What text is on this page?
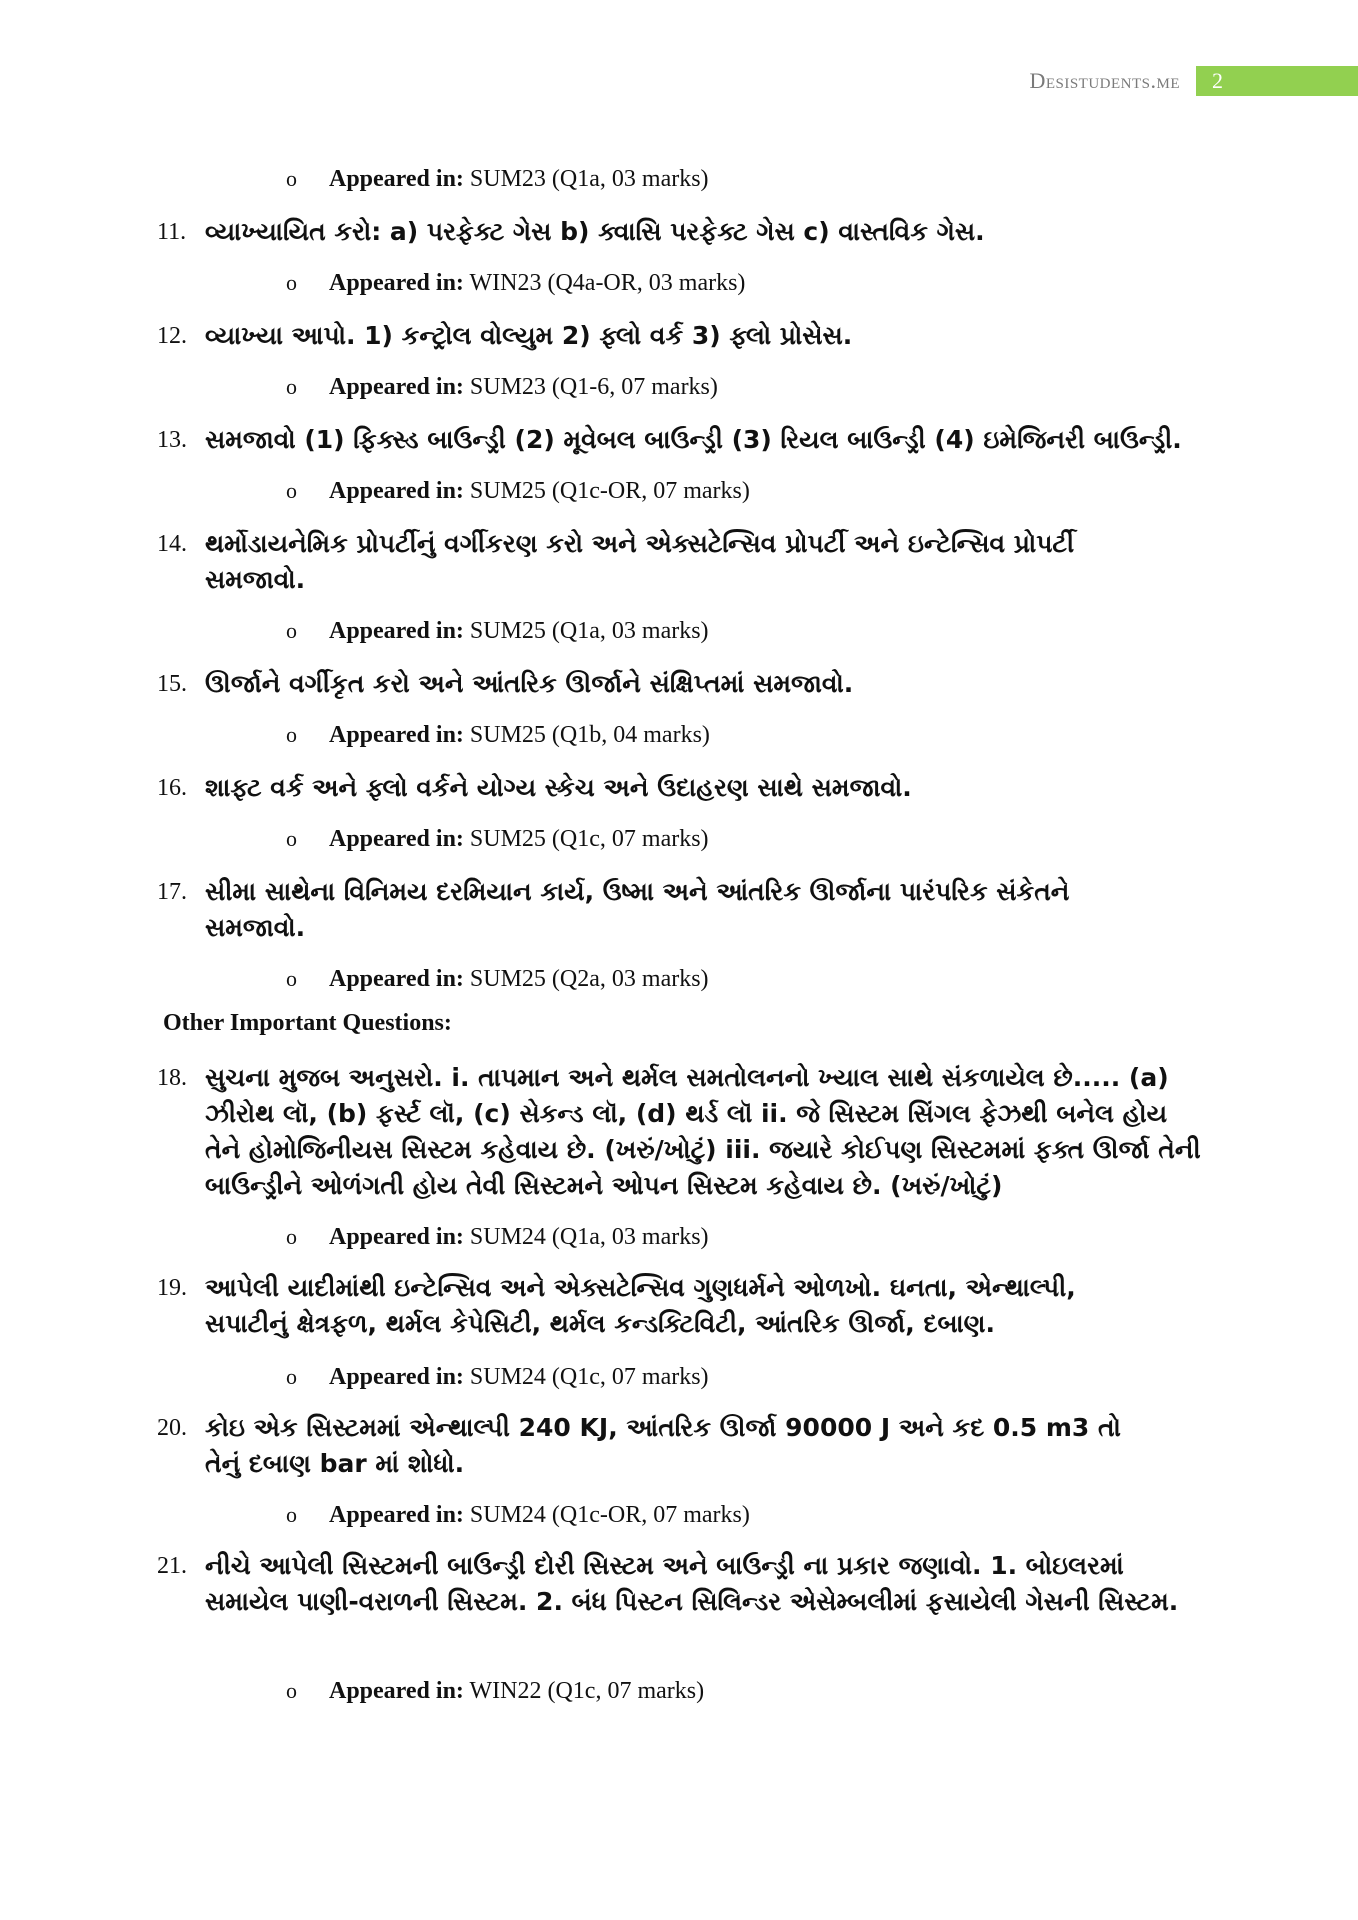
Desistudents.me	2
o Appeared in: SUM23 (Q1a, 03 marks)
11. વ્યાખ્યાયિત કરો: a) પરફેક્ટ ગેસ b) ક્વાસિ પરફેક્ટ ગેસ c) વાસ્તવિક ગેસ.
o Appeared in: WIN23 (Q4a-OR, 03 marks)
12. વ્યાખ્યા આપો. 1) કન્ટ્રોલ વોલ્યુમ 2) ફ્લો વર્ક 3) ફ્લો પ્રોસેસ.
o Appeared in: SUM23 (Q1-6, 07 marks)
13. સમજાવો (1) ફિક્સ્ડ બાઉન્ડ્રી (2) મૂવેબલ બાઉન્ડ્રી (3) રિયલ બાઉન્ડ્રી (4) ઇમેજિનરી બાઉન્ડ્રી.
o Appeared in: SUM25 (Q1c-OR, 07 marks)
14. થર્મોડાયનેમિક પ્રોપર્ટીનું વર્ગીકરણ કરો અને એક્સટેન્સિવ પ્રોપર્ટી અને ઇન્ટેન્સિવ પ્રોપર્ટી સમજાવો.
o Appeared in: SUM25 (Q1a, 03 marks)
15. ઊર્જાને વર્ગીકૃત કરો અને આંતરિક ઊર્જાને સંક્ષિપ્તમાં સમજાવો.
o Appeared in: SUM25 (Q1b, 04 marks)
16. શાફ્ટ વર્ક અને ફ્લો વર્કને યોગ્ય સ્કેચ અને ઉદાહરણ સાથે સમજાવો.
o Appeared in: SUM25 (Q1c, 07 marks)
17. સીમા સાથેના વિનિમય દરમિયાન કાર્ય, ઉષ્મા અને આંતરિક ઊર્જાના પારંપરિક સંકેતને સમજાવો.
o Appeared in: SUM25 (Q2a, 03 marks)
Other Important Questions:
18. સુચના મુજબ અનુસરો. i. તાપમાન અને થર્મલ સમતોલનનો ખ્યાલ સાથે સંકળાયેલ છે..... (a) ઝીરોથ લૉ, (b) ફર્સ્ટ લૉ, (c) સેકન્ડ લૉ, (d) થર્ડ લૉ ii. જે સિસ્ટમ સિંગલ ફેઝથી બનેલ હોય તેને હોમોજિનીયસ સિસ્ટમ કહેવાય છે. (ખરું/ખોટું) iii. જયારે કોઈપણ સિસ્ટમમાં ફક્ત ઊર્જા તેની બાઉન્ડ્રીને ઓળંગતી હોય તેવી સિસ્ટમને ઓપન સિસ્ટમ કહેવાય છે. (ખરું/ખોટું)
o Appeared in: SUM24 (Q1a, 03 marks)
19. આપેલી યાદીમાંથી ઇન્ટેન્સિવ અને એક્સટેન્સિવ ગુણધર્મને ઓળખો. ઘનતા, એન્થાલ્પી, સપાટીનું ક્ષેત્રફળ, થર્મલ કેપેસિટી, થર્મલ કન્ડક્ટિવિટી, આંતરિક ઊર્જા, દબાણ.
o Appeared in: SUM24 (Q1c, 07 marks)
20. કોઇ એક સિસ્ટમમાં એન્થાલ્પી 240 KJ, આંતરિક ઊર્જા 90000 J અને કદ 0.5 m3 તો તેનું દબાણ bar માં શોધો.
o Appeared in: SUM24 (Q1c-OR, 07 marks)
21. નીચે આપેલી સિસ્ટમની બાઉન્ડ્રી દોરી સિસ્ટમ અને બાઉન્ડ્રી ના પ્રકાર જણાવો. 1. બોઇલરમાં સમાયેલ પાણી-વરાળની સિસ્ટમ. 2. બંધ પિસ્ટન સિલિન્ડર એસેમ્બલીમાં ફસાયેલી ગેસની સિસ્ટમ.
o Appeared in: WIN22 (Q1c, 07 marks)
